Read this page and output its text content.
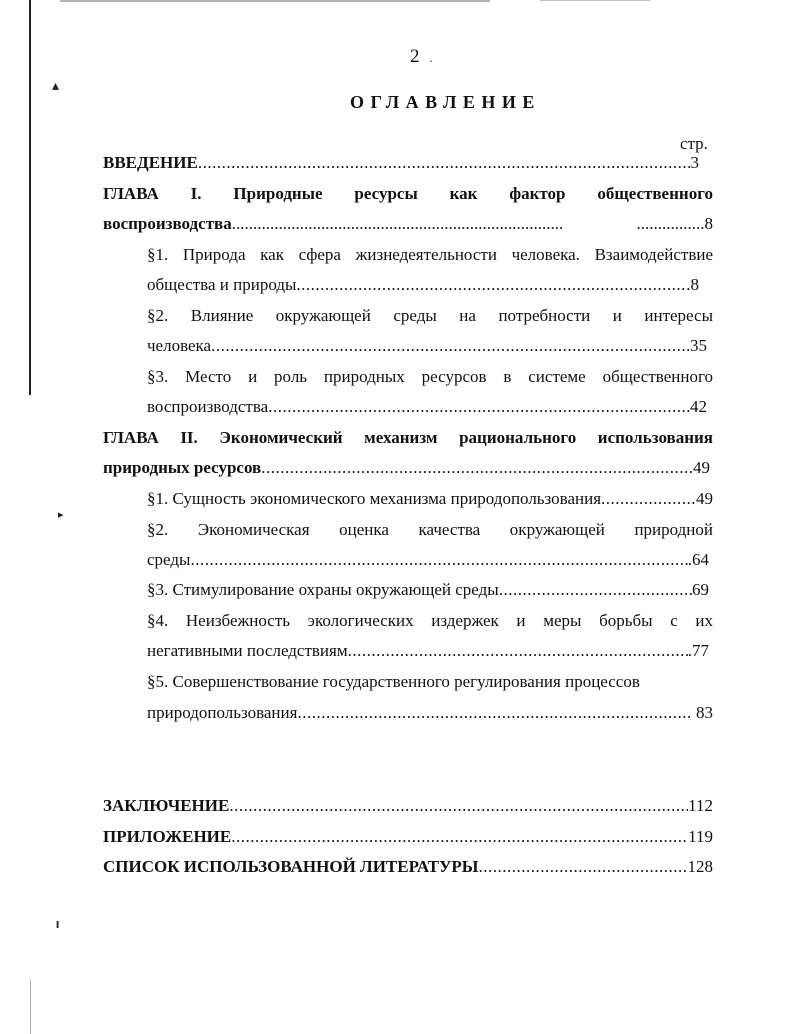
▴
▸
╻
2 .
ОГЛАВЛЕНИЕ
стр.
ВВЕДЕНИЕ .....	3
ГЛАВА I. Природные ресурсы как фактор общественного
воспроизводства ..... .....	8
§1. Природа как сфера жизнедеятельности человека. Взаимодействие
общества и природы .....	.8
§2. Влияние окружающей среды на потребности и интересы
человека .....	35
§3. Место и роль природных ресурсов в системе общественного
воспроизводства .....	42
ГЛАВА II. Экономический механизм рационального использования
природных ресурсов .....	.49
§1. Сущность экономического механизма природопользования .....	49
§2. Экономическая оценка качества окружающей природной
среды .....	.64
§3. Стимулирование охраны окружающей среды .....	69
§4. Неизбежность экологических издержек и меры борьбы с их
негативными последствиям .....	.77
§5. Совершенствование государственного регулирования процессов
природопользования .....	83
ЗАКЛЮЧЕНИЕ .....	112
ПРИЛОЖЕНИЕ .....	119
СПИСОК ИСПОЛЬЗОВАННОЙ ЛИТЕРАТУРЫ .....	128
